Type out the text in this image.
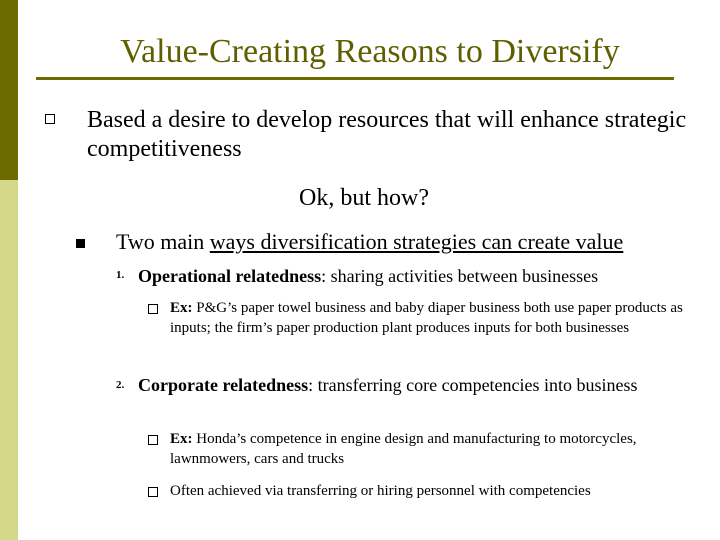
Value-Creating Reasons to Diversify
Based a desire to develop resources that will enhance strategic competitiveness
Ok, but how?
Two main ways diversification strategies can create value
1. Operational relatedness: sharing activities between businesses
Ex: P&G’s paper towel business and baby diaper business both use paper products as inputs; the firm’s paper production plant produces inputs for both businesses
2. Corporate relatedness: transferring core competencies into business
Ex: Honda’s competence in engine design and manufacturing to motorcycles, lawnmowers, cars and trucks
Often achieved via transferring or hiring personnel with competencies
